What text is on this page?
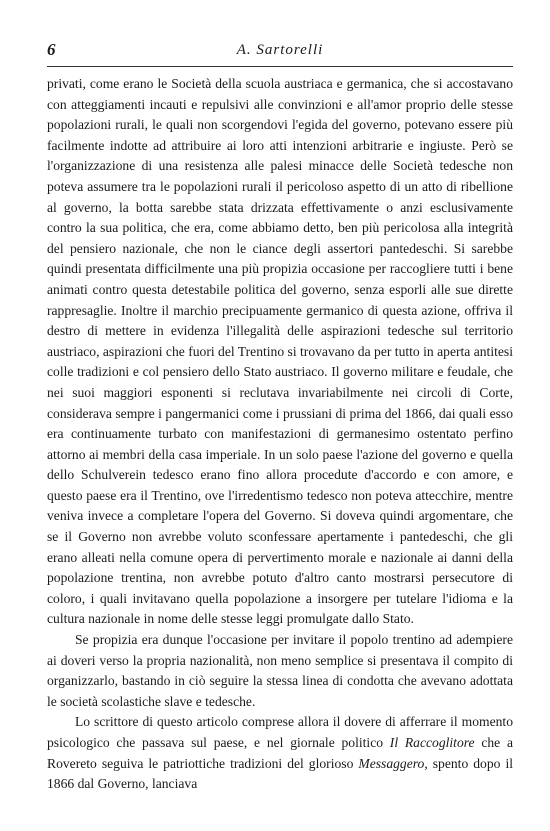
6	A. Sartorelli

privati, come erano le Società della scuola austriaca e germanica, che si accostavano con atteggiamenti incauti e repulsivi alle convinzioni e all'amor proprio delle stesse popolazioni rurali, le quali non scorgendovi l'egida del governo, potevano essere più facilmente indotte ad attribuire ai loro atti intenzioni arbitrarie e ingiuste. Però se l'organizzazione di una resistenza alle palesi minacce delle Società tedesche non poteva assumere tra le popolazioni rurali il pericoloso aspetto di un atto di ribellione al governo, la botta sarebbe stata drizzata effettivamente o anzi esclusivamente contro la sua politica, che era, come abbiamo detto, ben più pericolosa alla integrità del pensiero nazionale, che non le ciance degli assertori pantedeschi. Si sarebbe quindi presentata difficilmente una più propizia occasione per raccogliere tutti i bene animati contro questa detestabile politica del governo, senza esporli alle sue dirette rappresaglie. Inoltre il marchio precipuamente germanico di questa azione, offriva il destro di mettere in evidenza l'illegalità delle aspirazioni tedesche sul territorio austriaco, aspirazioni che fuori del Trentino si trovavano da per tutto in aperta antitesi colle tradizioni e col pensiero dello Stato austriaco. Il governo militare e feudale, che nei suoi maggiori esponenti si reclutava invariabilmente nei circoli di Corte, considerava sempre i pangermanici come i prussiani di prima del 1866, dai quali esso era continuamente turbato con manifestazioni di germanesimo ostentato perfino attorno ai membri della casa imperiale. In un solo paese l'azione del governo e quella dello Schulverein tedesco erano fino allora procedute d'accordo e con amore, e questo paese era il Trentino, ove l'irredentismo tedesco non poteva attecchire, mentre veniva invece a completare l'opera del Governo. Si doveva quindi argomentare, che se il Governo non avrebbe voluto sconfessare apertamente i pantedeschi, che gli erano alleati nella comune opera di pervertimento morale e nazionale ai danni della popolazione trentina, non avrebbe potuto d'altro canto mostrarsi persecutore di coloro, i quali invitavano quella popolazione a insorgere per tutelare l'idioma e la cultura nazionale in nome delle stesse leggi promulgate dallo Stato.

Se propizia era dunque l'occasione per invitare il popolo trentino ad adempiere ai doveri verso la propria nazionalità, non meno semplice si presentava il compito di organizzarlo, bastando in ciò seguire la stessa linea di condotta che avevano adottata le società scolastiche slave e tedesche.

Lo scrittore di questo articolo comprese allora il dovere di afferrare il momento psicologico che passava sul paese, e nel giornale politico Il Raccoglitore che a Rovereto seguiva le patriottiche tradizioni del glorioso Messaggero, spento dopo il 1866 dal Governo, lanciava
